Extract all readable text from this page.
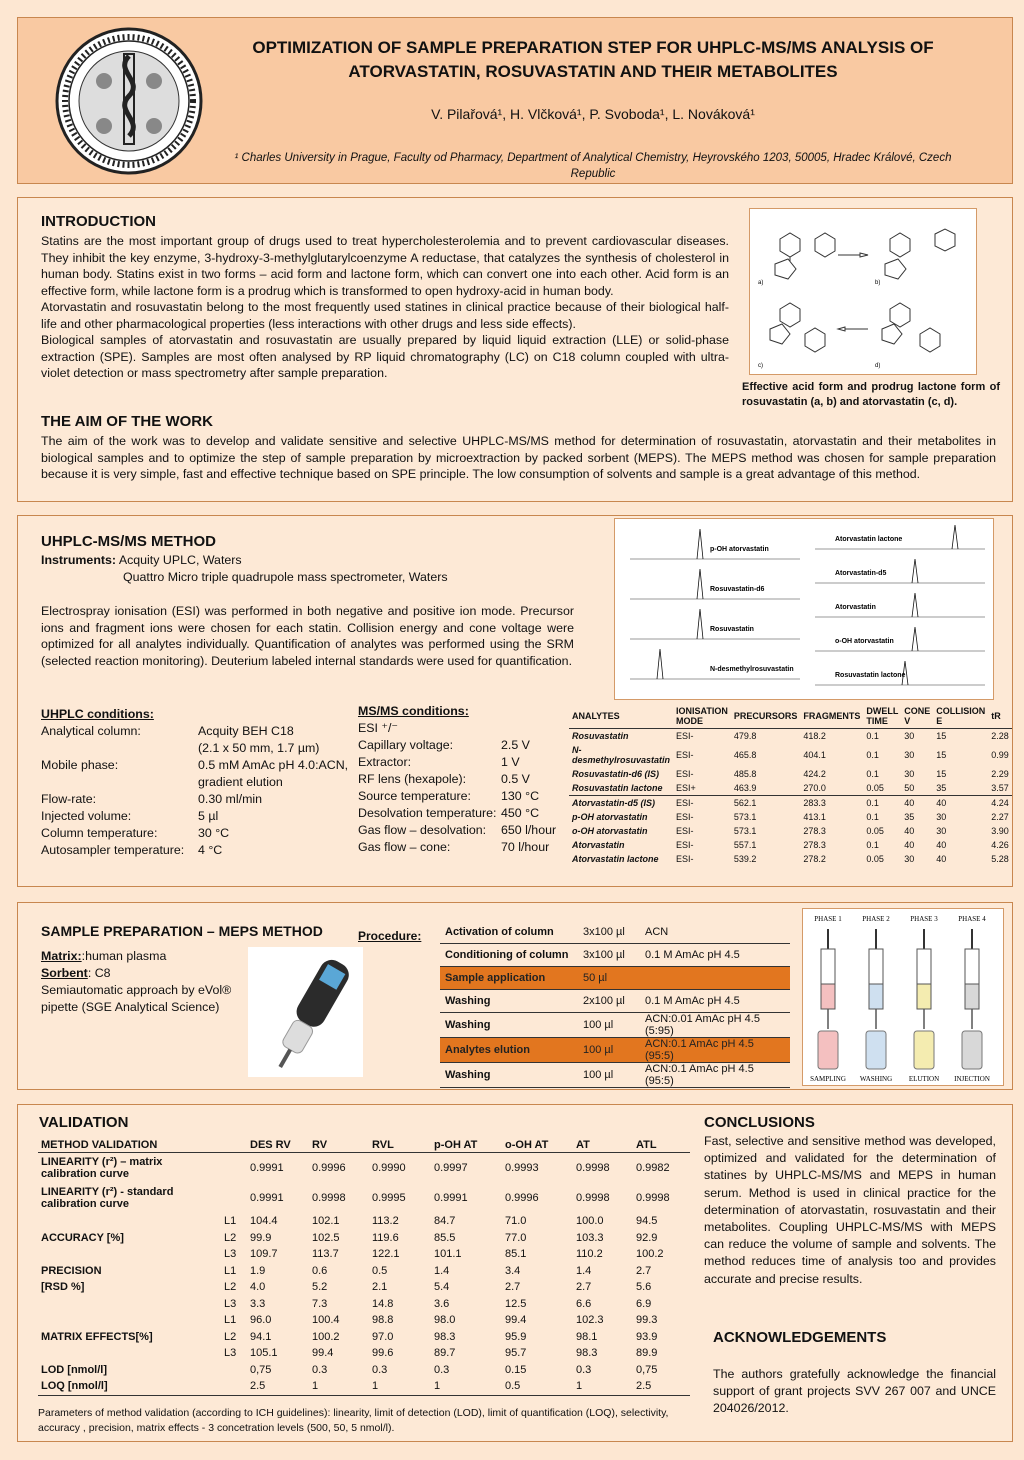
OPTIMIZATION OF SAMPLE PREPARATION STEP FOR UHPLC-MS/MS ANALYSIS OF ATORVASTATIN, ROSUVASTATIN AND THEIR METABOLITES
V. Pilařová¹, H. Vlčková¹, P. Svoboda¹, L. Nováková¹
¹ Charles University in Prague, Faculty od Pharmacy, Department of Analytical Chemistry, Heyrovského 1203, 50005, Hradec Králové, Czech Republic
INTRODUCTION
Statins are the most important group of drugs used to treat hypercholesterolemia and to prevent cardiovascular diseases. They inhibit the key enzyme, 3-hydroxy-3-methylglutarylcoenzyme A reductase, that catalyzes the synthesis of cholesterol in human body. Statins exist in two forms – acid form and lactone form, which can convert one into each other. Acid form is an effective form, while lactone form is a prodrug which is transformed to open hydroxy-acid in human body.
Atorvastatin and rosuvastatin belong to the most frequently used statines in clinical practice because of their biological half-life and other pharmacological properties (less interactions with other drugs and less side effects).
Biological samples of atorvastatin and rosuvastatin are usually prepared by liquid liquid extraction (LLE) or solid-phase extraction (SPE). Samples are most often analysed by RP liquid chromatography (LC) on C18 column coupled with ultra-violet detection or mass spectrometry after sample preparation.
a)	b)
c)	d)
Effective acid form and prodrug lactone form of rosuvastatin (a, b) and atorvastatin (c, d).
THE AIM OF THE WORK
The aim of the work was to develop and validate sensitive and selective UHPLC-MS/MS method for determination of rosuvastatin, atorvastatin and their metabolites in biological samples and to optimize the step of sample preparation by microextraction by packed sorbent (MEPS). The MEPS method was chosen for sample preparation because it is very simple, fast and effective technique based on SPE principle. The low consumption of solvents and sample is a great advantage of this method.
UHPLC-MS/MS METHOD
Instruments: Acquity UPLC, Waters
Quattro Micro triple quadrupole mass spectrometer, Waters
Electrospray ionisation (ESI) was performed in both negative and positive ion mode. Precursor ions and fragment ions were chosen for each statin. Collision energy and cone voltage were optimized for all analytes individually. Quantification of analytes was performed using the SRM (selected reaction monitoring). Deuterium labeled internal standards were used for quantification.
UHPLC conditions:
Analytical column:	Acquity BEH C18
(2.1 x 50 mm, 1.7 µm)
Mobile phase:	0.5 mM AmAc pH 4.0:ACN,
gradient elution
Flow-rate:	0.30 ml/min
Injected volume:	5 µl
Column temperature:	30 °C
Autosampler temperature:	4 °C
MS/MS conditions:
ESI ⁺/⁻
Capillary voltage:	2.5 V
Extractor:	1 V
RF lens (hexapole):	0.5 V
Source temperature:	130 °C
Desolvation temperature: 450 °C
Gas flow – desolvation:	650 l/hour
Gas flow – cone:	70 l/hour
p-OH atorvastatin
Rosuvastatin-d6
Rosuvastatin
N-desmethylrosuvastatin
Atorvastatin lactone
Atorvastatin-d5
Atorvastatin
o-OH atorvastatin
Rosuvastatin lactone
ANALYTES	IONISATION MODE	PRECURSORS	FRAGMENTS	DWELL TIME	CONE V	COLLISION E	tR
Rosuvastatin	ESI-	479.8	418.2	0.1	30	15	2.28
N-desmethylrosuvastatin	ESI-	465.8	404.1	0.1	30	15	0.99
Rosuvastatin-d6 (IS)	ESI-	485.8	424.2	0.1	30	15	2.29
Rosuvastatin lactone	ESI+	463.9	270.0	0.05	50	35	3.57
Atorvastatin-d5 (IS)	ESI-	562.1	283.3	0.1	40	40	4.24
p-OH atorvastatin	ESI-	573.1	413.1	0.1	35	30	2.27
o-OH atorvastatin	ESI-	573.1	278.3	0.05	40	30	3.90
Atorvastatin	ESI-	557.1	278.3	0.1	40	40	4.26
Atorvastatin lactone	ESI-	539.2	278.2	0.05	30	40	5.28
SAMPLE PREPARATION – MEPS METHOD
Matrix::human plasma
Sorbent: C8
Semiautomatic approach by eVol® pipette (SGE Analytical Science)
Procedure: Activation of column	3x100 µl	ACN
Conditioning of column	3x100 µl	0.1 M AmAc pH 4.5
Sample application	50 µl	
Washing	2x100 µl	0.1 M AmAc pH 4.5
Washing	100 µl	ACN:0.01 AmAc pH 4.5 (5:95)
Analytes elution	100 µl	ACN:0.1 AmAc pH 4.5 (95:5)
Washing	100 µl	ACN:0.1 AmAc pH 4.5 (95:5)
PHASE 1
SAMPLING
PHASE 2
WASHING
PHASE 3
ELUTION
PHASE 4
INJECTION
VALIDATION
METHOD VALIDATION		DES RV	RV	RVL	p-OH AT	o-OH AT	AT	ATL
LINEARITY (r²) – matrix calibration curve		0.9991	0.9996	0.9990	0.9997	0.9993	0.9998	0.9982
LINEARITY (r²) - standard calibration curve		0.9991	0.9998	0.9995	0.9991	0.9996	0.9998	0.9998
	L1	104.4	102.1	113.2	84.7	71.0	100.0	94.5
ACCURACY [%]	L2	99.9	102.5	119.6	85.5	77.0	103.3	92.9
	L3	109.7	113.7	122.1	101.1	85.1	110.2	100.2
PRECISION	L1	1.9	0.6	0.5	1.4	3.4	1.4	2.7
[RSD %]	L2	4.0	5.2	2.1	5.4	2.7	2.7	5.6
	L3	3.3	7.3	14.8	3.6	12.5	6.6	6.9
	L1	96.0	100.4	98.8	98.0	99.4	102.3	99.3
MATRIX EFFECTS[%]	L2	94.1	100.2	97.0	98.3	95.9	98.1	93.9
	L3	105.1	99.4	99.6	89.7	95.7	98.3	89.9
LOD [nmol/l]		0,75	0.3	0.3	0.3	0.15	0.3	0,75
LOQ [nmol/l]		2.5	1	1	1	0.5	1	2.5
Parameters of method validation (according to ICH guidelines): linearity, limit of detection (LOD), limit of quantification (LOQ), selectivity, accuracy , precision, matrix effects - 3 concetration levels (500, 50, 5 nmol/l).
CONCLUSIONS
Fast, selective and sensitive method was developed, optimized and validated for the determination of statines by UHPLC-MS/MS and MEPS in human serum. Method is used in clinical practice for the determination of atorvastatin, rosuvastatin and their metabolites. Coupling UHPLC-MS/MS with MEPS can reduce the volume of sample and solvents. The method reduces time of analysis too and provides accurate and precise results.
ACKNOWLEDGEMENTS
The authors gratefully acknowledge the financial support of grant projects SVV 267 007 and UNCE 204026/2012.
